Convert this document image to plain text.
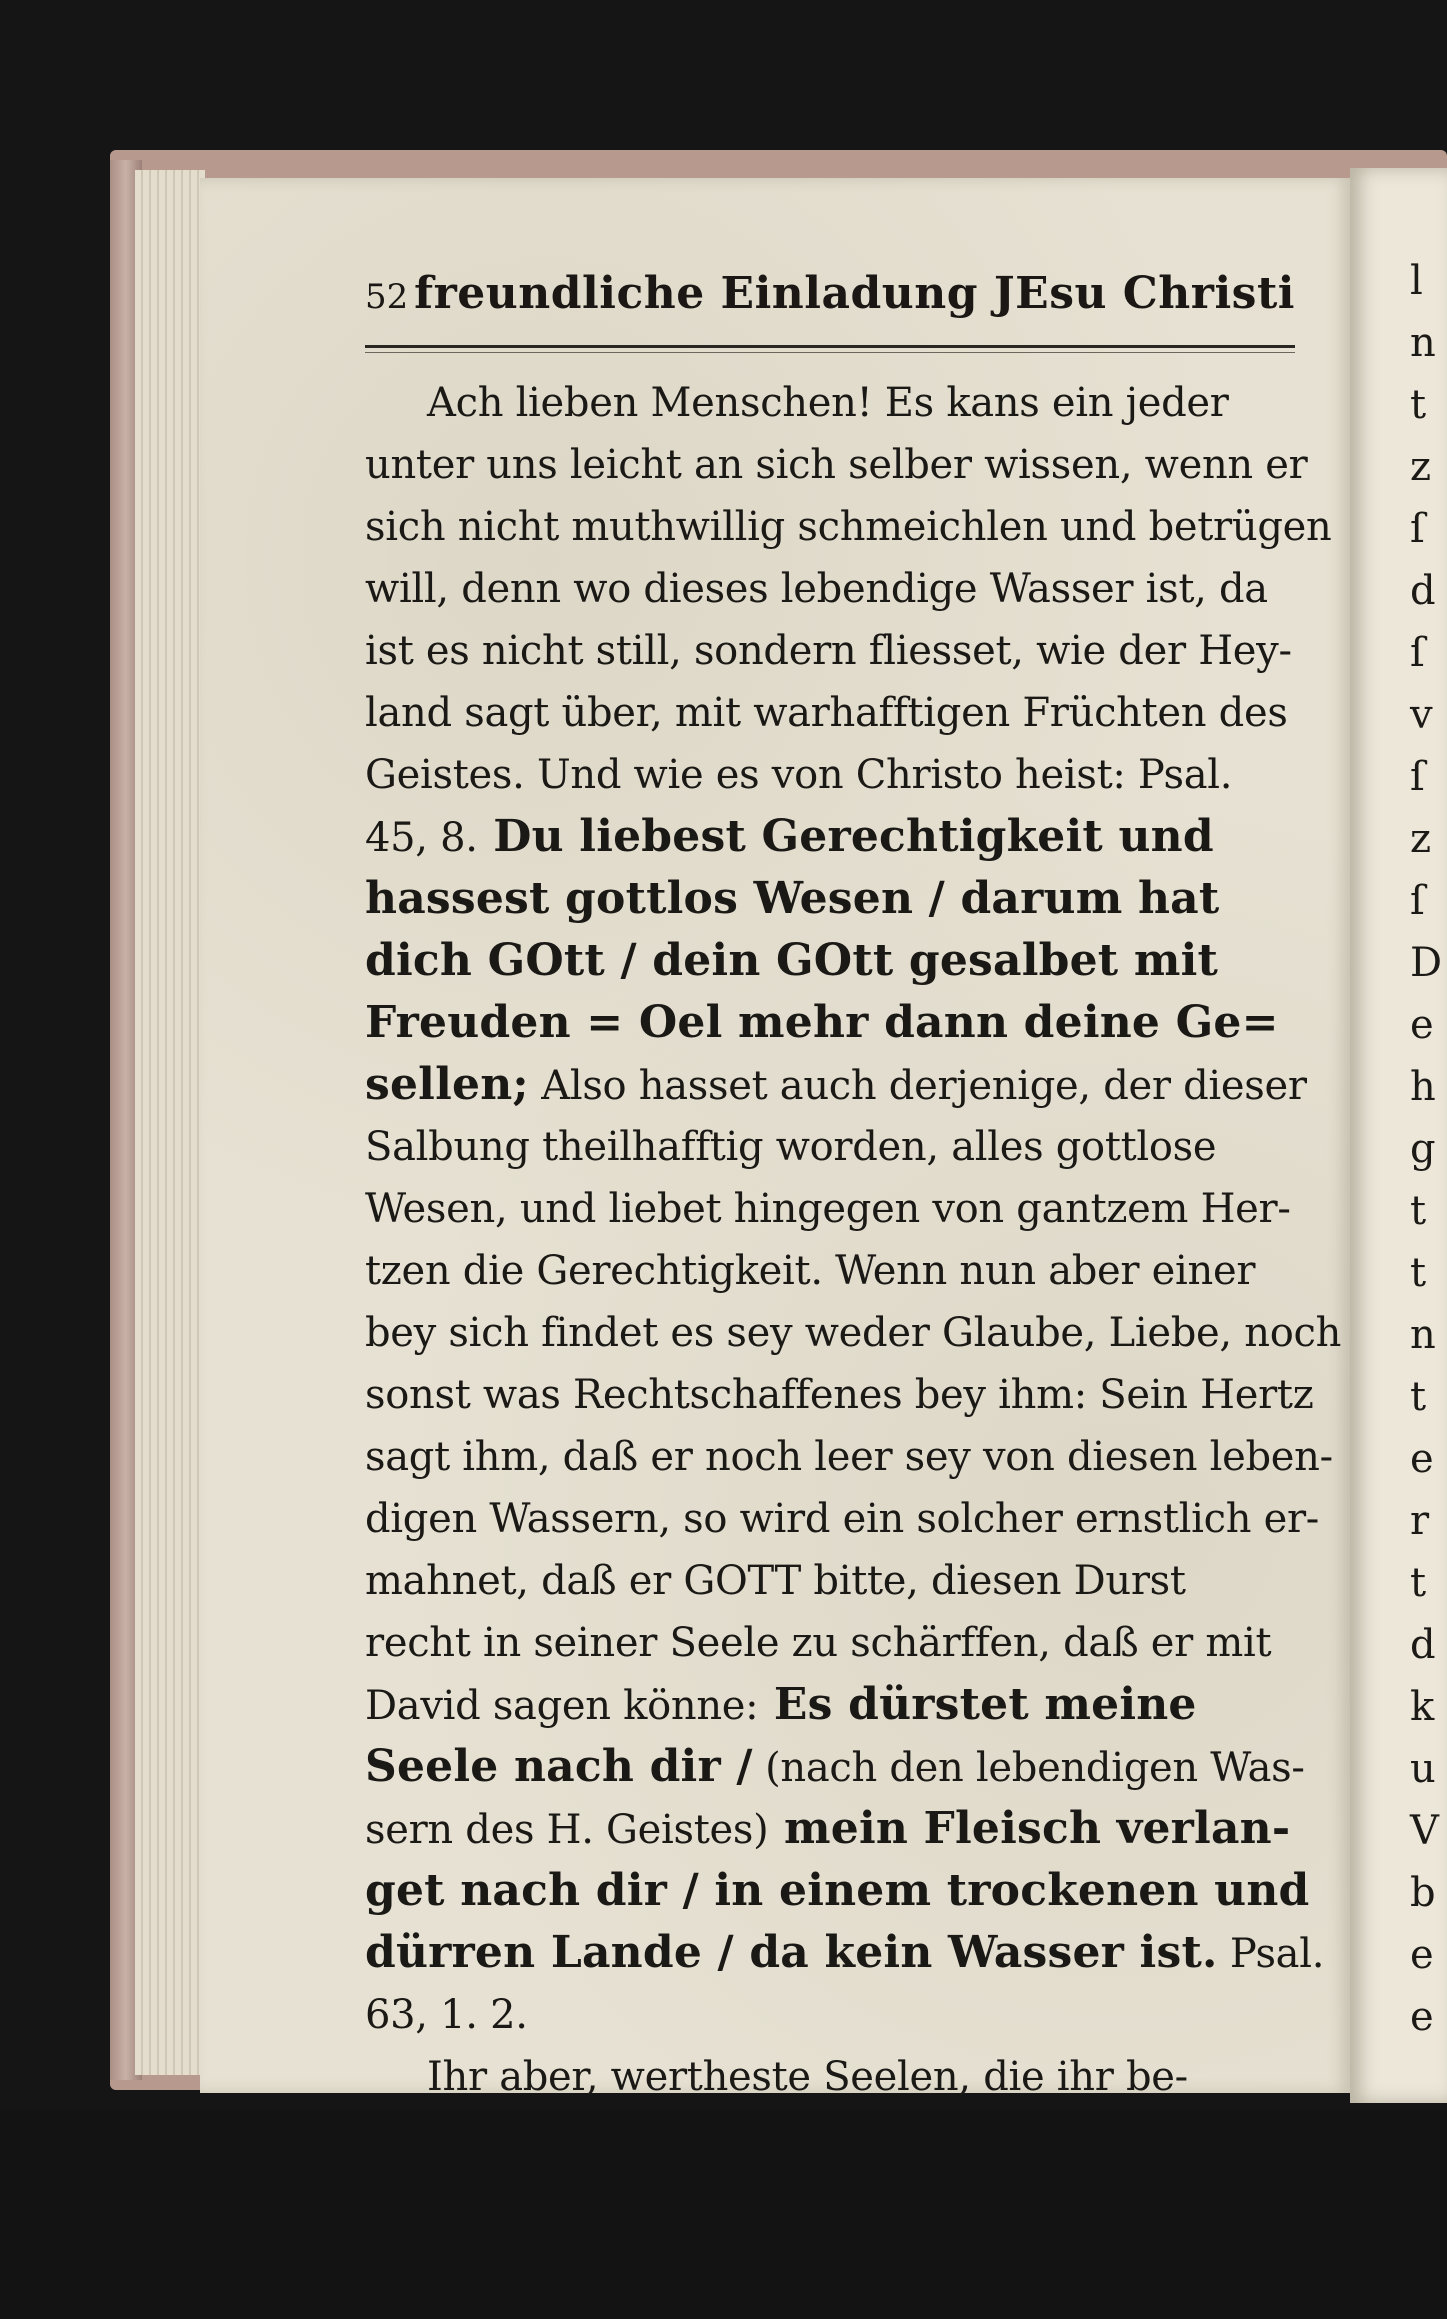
l
n
t
z
ſ
d
ſ
v
ſ
z
ſ
D
e
h
g
t
t
n
t
e
r
t
d
k
u
V
b
e
e
52 freundliche Einladung JEsu Christi
Ach lieben Menschen! Es kans ein jeder
unter uns leicht an sich selber wissen, wenn er
sich nicht muthwillig schmeichlen und betrügen
will, denn wo dieses lebendige Wasser ist, da
ist es nicht still, sondern fliesset, wie der Hey-
land sagt über, mit warhafftigen Früchten des
Geistes. Und wie es von Christo heist: Psal.
45, 8. Du liebest Gerechtigkeit und
hassest gottlos Wesen / darum hat
dich GOtt / dein GOtt gesalbet mit
Freuden = Oel mehr dann deine Ge=
sellen; Also hasset auch derjenige, der dieser
Salbung theilhafftig worden, alles gottlose
Wesen, und liebet hingegen von gantzem Her-
tzen die Gerechtigkeit. Wenn nun aber einer
bey sich findet es sey weder Glaube, Liebe, noch
sonst was Rechtschaffenes bey ihm: Sein Hertz
sagt ihm, daß er noch leer sey von diesen leben-
digen Wassern, so wird ein solcher ernstlich er-
mahnet, daß er GOTT bitte, diesen Durst
recht in seiner Seele zu schärffen, daß er mit
David sagen könne: Es dürstet meine
Seele nach dir / (nach den lebendigen Was-
sern des H. Geistes) mein Fleisch verlan-
get nach dir / in einem trockenen und
dürren Lande / da kein Wasser ist. Psal.
63, 1. 2.
Ihr aber, wertheste Seelen, die ihr be-
